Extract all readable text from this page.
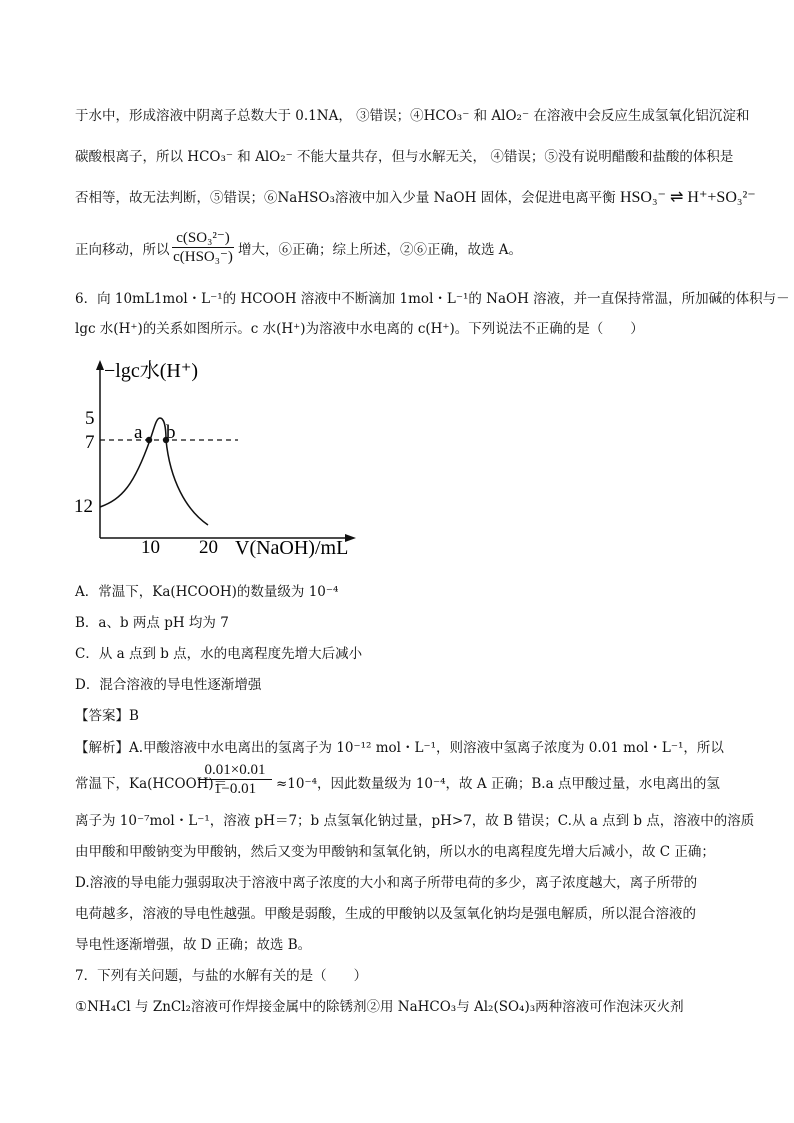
于水中，形成溶液中阴离子总数大于 0.1NA， ③错误；④HCO₃⁻ 和 AlO₂⁻ 在溶液中会反应生成氢氧化铝沉淀和
碳酸根离子，所以 HCO₃⁻ 和 AlO₂⁻ 不能大量共存，但与水解无关， ④错误；⑤没有说明醋酸和盐酸的体积是
否相等，故无法判断，⑤错误；⑥NaHSO₃溶液中加入少量 NaOH 固体，会促进电离平衡 HSO₃⁻ ⇌ H⁺+SO₃²⁻
正向移动，所以
c(SO₃²⁻)
c(HSO₃⁻) 增大，⑥正确；综上所述，②⑥正确，故选 A。
6．向 10mL1mol・L⁻¹的 HCOOH 溶液中不断滴加 1mol・L⁻¹的 NaOH 溶液，并一直保持常温，所加碱的体积与－
lgc 水(H⁺)的关系如图所示。c 水(H⁺)为溶液中水电离的 c(H⁺)。下列说法不正确的是（　　）
a b
5
7
12
10 20
−lgc水(H⁺)
V(NaOH)/mL
A．常温下，Ka(HCOOH)的数量级为 10⁻⁴
B．a、b 两点 pH 均为 7
C．从 a 点到 b 点，水的电离程度先增大后减小
D．混合溶液的导电性逐渐增强
【答案】B
【解析】A.甲酸溶液中水电离出的氢离子为 10⁻¹² mol・L⁻¹，则溶液中氢离子浓度为 0.01 mol・L⁻¹，所以
常温下，Ka(HCOOH)＝
$\frac{0.01\times 0.01}{1-0.01} \approx 10^{-4}$，因此数量级为 10⁻⁴，故 A 正确；B.a 点甲酸过量，水电离出的氢
离子为 10⁻⁷mol・L⁻¹，溶液 pH＝7；b 点氢氧化钠过量，pH>7，故 B 错误；C.从 a 点到 b 点，溶液中的溶质
由甲酸和甲酸钠变为甲酸钠，然后又变为甲酸钠和氢氧化钠，所以水的电离程度先增大后减小，故 C 正确；
D.溶液的导电能力强弱取决于溶液中离子浓度的大小和离子所带电荷的多少，离子浓度越大，离子所带的
电荷越多，溶液的导电性越强。甲酸是弱酸，生成的甲酸钠以及氢氧化钠均是强电解质，所以混合溶液的
导电性逐渐增强，故 D 正确；故选 B。
7．下列有关问题，与盐的水解有关的是（　　）
①NH₄Cl 与 ZnCl₂溶液可作焊接金属中的除锈剂②用 NaHCO₃与 Al₂(SO₄)₃两种溶液可作泡沫灭火剂
